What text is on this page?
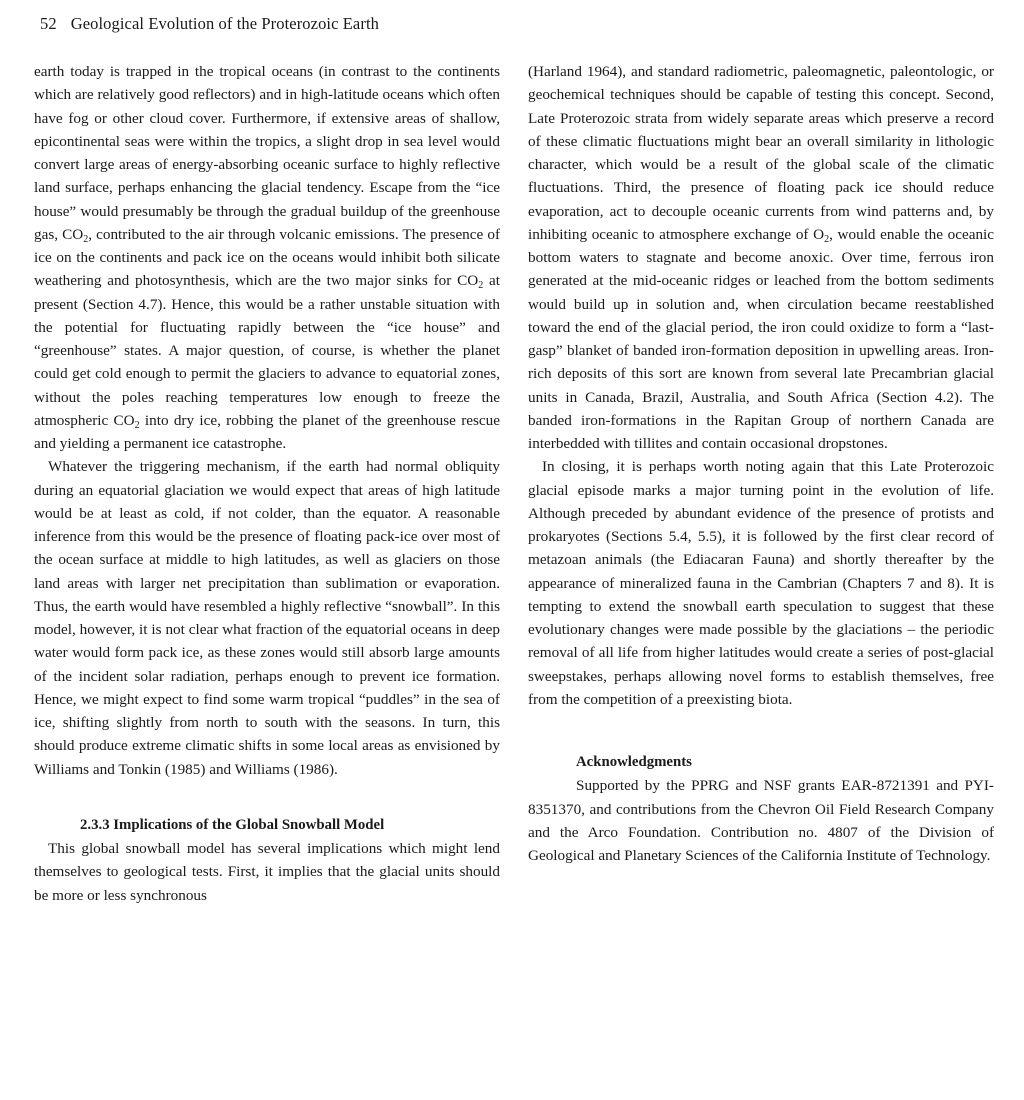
52 Geological Evolution of the Proterozoic Earth

earth today is trapped in the tropical oceans (in contrast to the continents which are relatively good reflectors) and in high-latitude oceans which often have fog or other cloud cover. Furthermore, if extensive areas of shallow, epicontinental seas were within the tropics, a slight drop in sea level would convert large areas of energy-absorbing oceanic surface to highly reflective land surface, perhaps enhancing the glacial tendency. Escape from the “ice house” would presumably be through the gradual buildup of the greenhouse gas, $CO_2$, contributed to the air through volcanic emissions. The presence of ice on the continents and pack ice on the oceans would inhibit both silicate weathering and photosynthesis, which are the two major sinks for $CO_2$ at present (Section 4.7). Hence, this would be a rather unstable situation with the potential for fluctuating rapidly between the “ice house” and “greenhouse” states. A major question, of course, is whether the planet could get cold enough to permit the glaciers to advance to equatorial zones, without the poles reaching temperatures low enough to freeze the atmospheric $CO_2$ into dry ice, robbing the planet of the greenhouse rescue and yielding a permanent ice catastrophe.

Whatever the triggering mechanism, if the earth had normal obliquity during an equatorial glaciation we would expect that areas of high latitude would be at least as cold, if not colder, than the equator. A reasonable inference from this would be the presence of floating pack-ice over most of the ocean surface at middle to high latitudes, as well as glaciers on those land areas with larger net precipitation than sublimation or evaporation. Thus, the earth would have resembled a highly reflective “snowball”. In this model, however, it is not clear what fraction of the equatorial oceans in deep water would form pack ice, as these zones would still absorb large amounts of the incident solar radiation, perhaps enough to prevent ice formation. Hence, we might expect to find some warm tropical “puddles” in the sea of ice, shifting slightly from north to south with the seasons. In turn, this should produce extreme climatic shifts in some local areas as envisioned by Williams and Tonkin (1985) and Williams (1986).

2.3.3 Implications of the Global Snowball Model

This global snowball model has several implications which might lend themselves to geological tests. First, it implies that the glacial units should be more or less synchronous

(Harland 1964), and standard radiometric, paleomagnetic, paleontologic, or geochemical techniques should be capable of testing this concept. Second, Late Proterozoic strata from widely separate areas which preserve a record of these climatic fluctuations might bear an overall similarity in lithologic character, which would be a result of the global scale of the climatic fluctuations. Third, the presence of floating pack ice should reduce evaporation, act to decouple oceanic currents from wind patterns and, by inhibiting oceanic to atmosphere exchange of $O_2$, would enable the oceanic bottom waters to stagnate and become anoxic. Over time, ferrous iron generated at the mid-oceanic ridges or leached from the bottom sediments would build up in solution and, when circulation became reestablished toward the end of the glacial period, the iron could oxidize to form a “last-gasp” blanket of banded iron-formation deposition in upwelling areas. Iron-rich deposits of this sort are known from several late Precambrian glacial units in Canada, Brazil, Australia, and South Africa (Section 4.2). The banded iron-formations in the Rapitan Group of northern Canada are interbedded with tillites and contain occasional dropstones.

In closing, it is perhaps worth noting again that this Late Proterozoic glacial episode marks a major turning point in the evolution of life. Although preceded by abundant evidence of the presence of protists and prokaryotes (Sections 5.4, 5.5), it is followed by the first clear record of metazoan animals (the Ediacaran Fauna) and shortly thereafter by the appearance of mineralized fauna in the Cambrian (Chapters 7 and 8). It is tempting to extend the snowball earth speculation to suggest that these evolutionary changes were made possible by the glaciations – the periodic removal of all life from higher latitudes would create a series of post-glacial sweepstakes, perhaps allowing novel forms to establish themselves, free from the competition of a preexisting biota.

Acknowledgments

Supported by the PPRG and NSF grants EAR-8721391 and PYI-8351370, and contributions from the Chevron Oil Field Research Company and the Arco Foundation. Contribution no. 4807 of the Division of Geological and Planetary Sciences of the California Institute of Technology.
